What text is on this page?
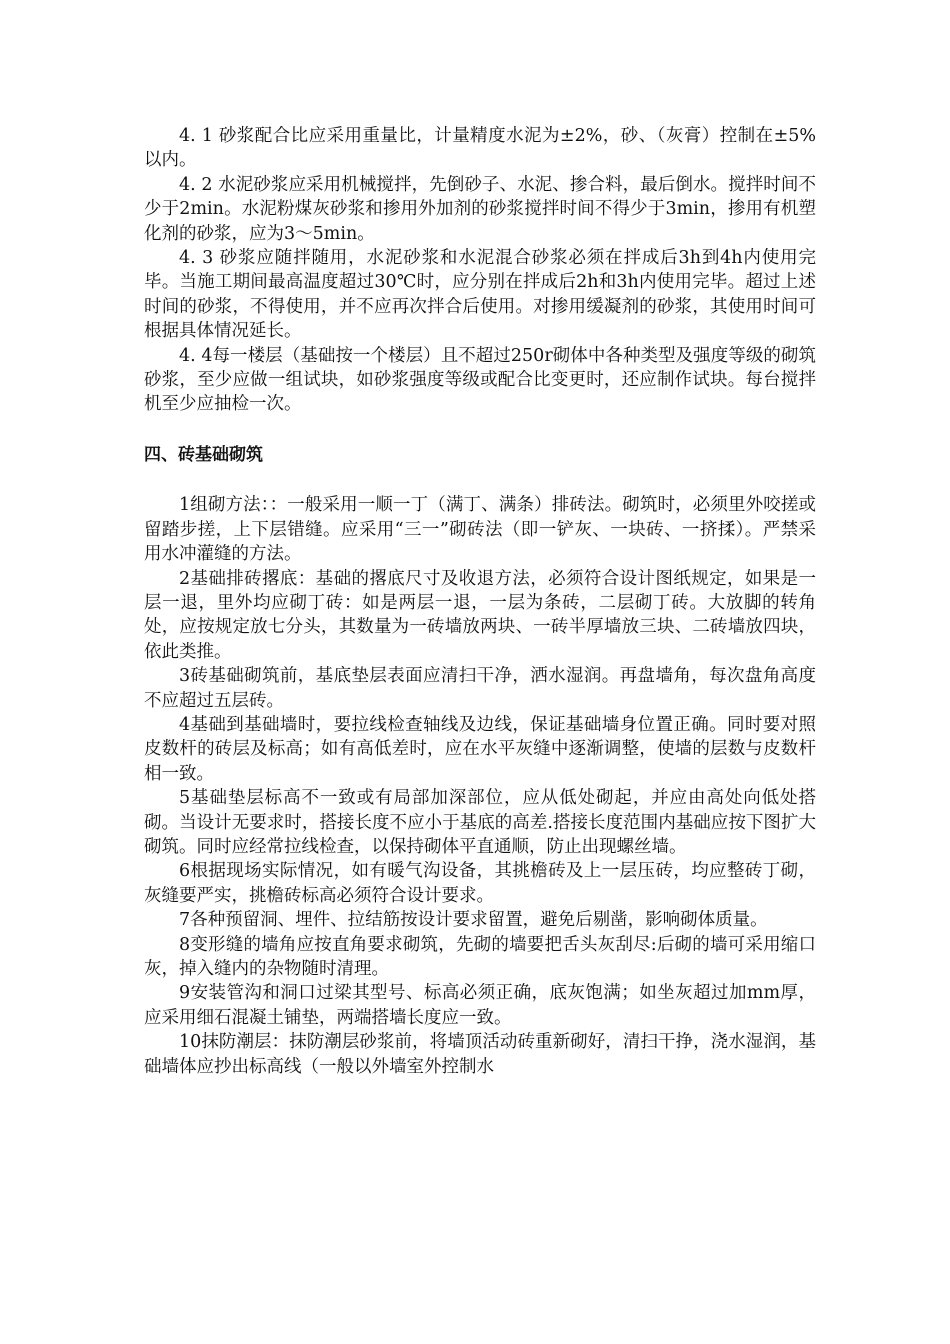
4. 1 砂浆配合比应采用重量比，计量精度水泥为±2%，砂、（灰膏）控制在±5%以内。

4. 2 水泥砂浆应采用机械搅拌，先倒砂子、水泥、掺合料，最后倒水。搅拌时间不少于2min。水泥粉煤灰砂浆和掺用外加剂的砂浆搅拌时间不得少于3min，掺用有机塑化剂的砂浆，应为3～5min。

4. 3 砂浆应随拌随用，水泥砂浆和水泥混合砂浆必须在拌成后3h到4h内使用完毕。当施工期间最高温度超过30℃时，应分别在拌成后2h和3h内使用完毕。超过上述时间的砂浆，不得使用，并不应再次拌合后使用。对掺用缓凝剂的砂浆，其使用时间可根据具体情况延长。

4. 4每一楼层（基础按一个楼层）且不超过250r砌体中各种类型及强度等级的砌筑砂浆，至少应做一组试块，如砂浆强度等级或配合比变更时，还应制作试块。每台搅拌机至少应抽检一次。

四、砖基础砌筑

1组砌方法：：一般采用一顺一丁（满丁、满条）排砖法。砌筑时，必须里外咬搓或留踏步搓，上下层错缝。应采用“三一”砌砖法（即一铲灰、一块砖、一挤揉）。严禁采用水冲灌缝的方法。

2基础排砖撂底：基础的撂底尺寸及收退方法，必须符合设计图纸规定，如果是一层一退，里外均应砌丁砖：如是两层一退，一层为条砖，二层砌丁砖。大放脚的转角处，应按规定放七分头，其数量为一砖墙放两块、一砖半厚墙放三块、二砖墙放四块，依此类推。

3砖基础砌筑前，基底垫层表面应清扫干净，洒水湿润。再盘墙角，每次盘角高度不应超过五层砖。

4基础到基础墙时，要拉线检查轴线及边线，保证基础墙身位置正确。同时要对照皮数杆的砖层及标高；如有高低差时，应在水平灰缝中逐渐调整，使墙的层数与皮数杆相一致。

5基础垫层标高不一致或有局部加深部位，应从低处砌起，并应由高处向低处搭砌。当设计无要求时，搭接长度不应小于基底的高差.搭接长度范围内基础应按下图扩大砌筑。同时应经常拉线检查，以保持砌体平直通顺，防止出现螺丝墙。

6根据现场实际情况，如有暖气沟设备，其挑檐砖及上一层压砖，均应整砖丁砌，灰缝要严实，挑檐砖标高必须符合设计要求。

7各种预留洞、埋件、拉结筋按设计要求留置，避免后剔凿，影响砌体质量。

8变形缝的墙角应按直角要求砌筑，先砌的墙要把舌头灰刮尽:后砌的墙可采用缩口灰，掉入缝内的杂物随时清理。

9安装管沟和洞口过梁其型号、标高必须正确，底灰饱满；如坐灰超过加mm厚，应采用细石混凝土铺垫，两端搭墙长度应一致。

10抹防潮层：抹防潮层砂浆前，将墙顶活动砖重新砌好，清扫干挣，浇水湿润，基础墙体应抄出标高线（一般以外墙室外控制水
